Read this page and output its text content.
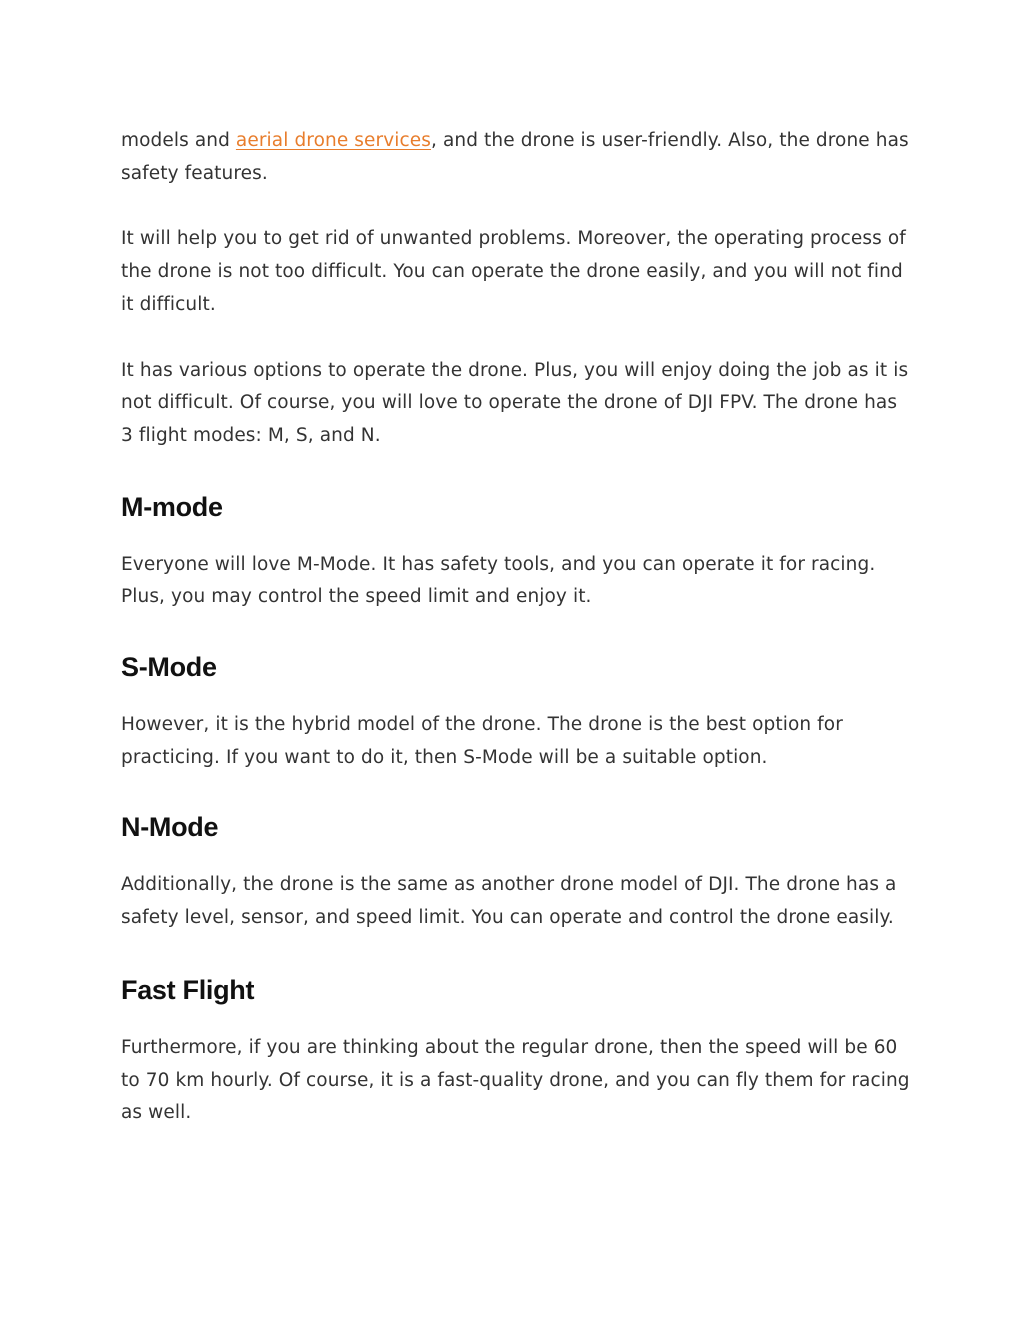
models and aerial drone services, and the drone is user-friendly. Also, the drone has safety features.

It will help you to get rid of unwanted problems. Moreover, the operating process of the drone is not too difficult. You can operate the drone easily, and you will not find it difficult.

It has various options to operate the drone. Plus, you will enjoy doing the job as it is not difficult. Of course, you will love to operate the drone of DJI FPV. The drone has 3 flight modes: M, S, and N.

M-mode

Everyone will love M-Mode. It has safety tools, and you can operate it for racing. Plus, you may control the speed limit and enjoy it.

S-Mode

However, it is the hybrid model of the drone. The drone is the best option for practicing. If you want to do it, then S-Mode will be a suitable option.

N-Mode

Additionally, the drone is the same as another drone model of DJI. The drone has a safety level, sensor, and speed limit. You can operate and control the drone easily.

Fast Flight

Furthermore, if you are thinking about the regular drone, then the speed will be 60 to 70 km hourly. Of course, it is a fast-quality drone, and you can fly them for racing as well.
